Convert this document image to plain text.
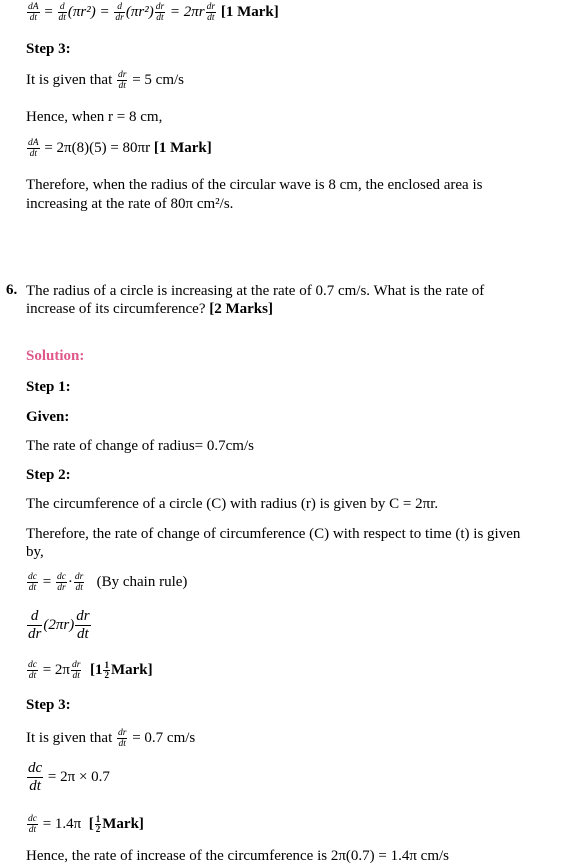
$\frac{dA}{dt} = \frac{d}{dt} (\pi r^2) = \frac{d}{dr} (\pi r^2) \frac{dr}{dt} = 2\pi r \frac{dr}{dt} [1$ Mark]
Step 3:
It is given that $\frac{dr}{dt} = 5$ cm/s
Hence, when r = 8 cm,
$\frac{dA}{dt} = 2\pi(8)(5) = 80\pi r$ [1 Mark]
Therefore, when the radius of the circular wave is 8 cm, the enclosed area is
increasing at the rate of 80π cm²/s.
6. The radius of a circle is increasing at the rate of 0.7 cm/s. What is the rate of
increase of its circumference? [2 Marks]
Solution:
Step 1:
Given:
The rate of change of radius= 0.7cm/s
Step 2:
The circumference of a circle (C) with radius (r) is given by C = 2πr.
Therefore, the rate of change of circumference (C) with respect to time (t) is given
by,
$\frac{dc}{dt} = \frac{dc}{dr} \cdot \frac{dr}{dt} (By$ chain rule)
$\frac{d}{dr} (2\pi r) \frac{dr}{dt}$
$\frac{dc}{dt} = 2\pi \frac{dr}{dt} [1 \frac{1}{2}$ Mark]
Step 3:
It is given that $\frac{dr}{dt} = 0.7$ cm/s
$\frac{dc}{dt} = 2\pi \times 0.7$
$\frac{dc}{dt} = 1.4\pi$ [ $\frac{1}{2}$ Mark]
Hence, the rate of increase of the circumference is 2π(0.7) = 1.4π cm/s
